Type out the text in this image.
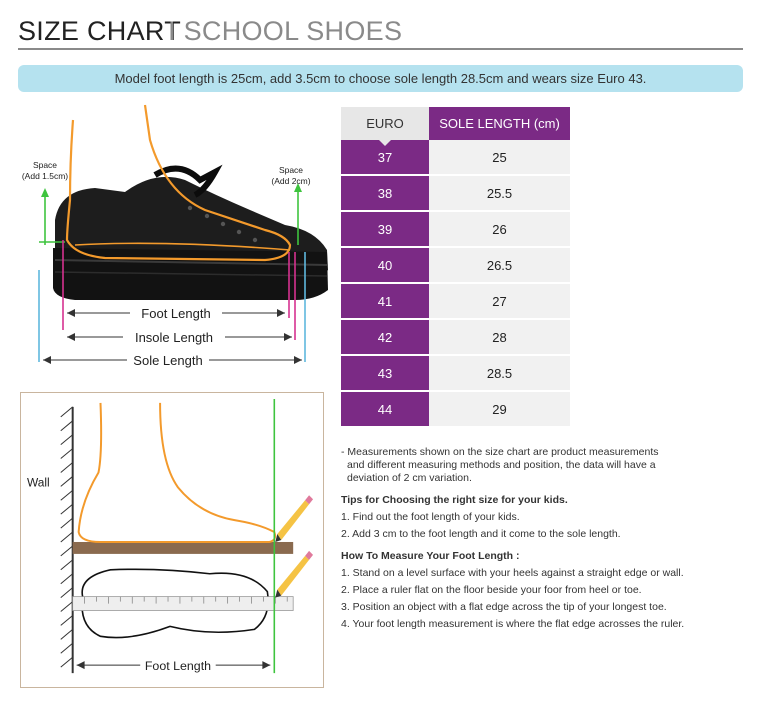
SIZE CHART
I SCHOOL SHOES
Model foot length is 25cm, add 3.5cm to choose sole length 28.5cm and wears size Euro 43.
Foot Length
Insole Length
Sole Length
Space
(Add 1.5cm)
Space
(Add 2cm)
Wall
Foot Length
EURO	SOLE LENGTH (cm)
37	25
38	25.5
39	26
40	26.5
41	27
42	28
43	28.5
44	29

- Measurements shown on the size chart are product measurements

and different measuring methods and position, the data will have a

deviation of 2 cm variation.

Tips for Choosing the right size for your kids.

1. Find out the foot length of your kids.

2. Add 3 cm to the foot length and it come to the sole length.

How To Measure Your Foot Length :

1. Stand on a level surface with your heels against a straight edge or wall.

2. Place a ruler flat on the floor beside your foor from heel or toe.

3. Position an object with a flat edge across the tip of your longest toe.

4. Your foot length measurement is where the flat edge acrosses the ruler.
